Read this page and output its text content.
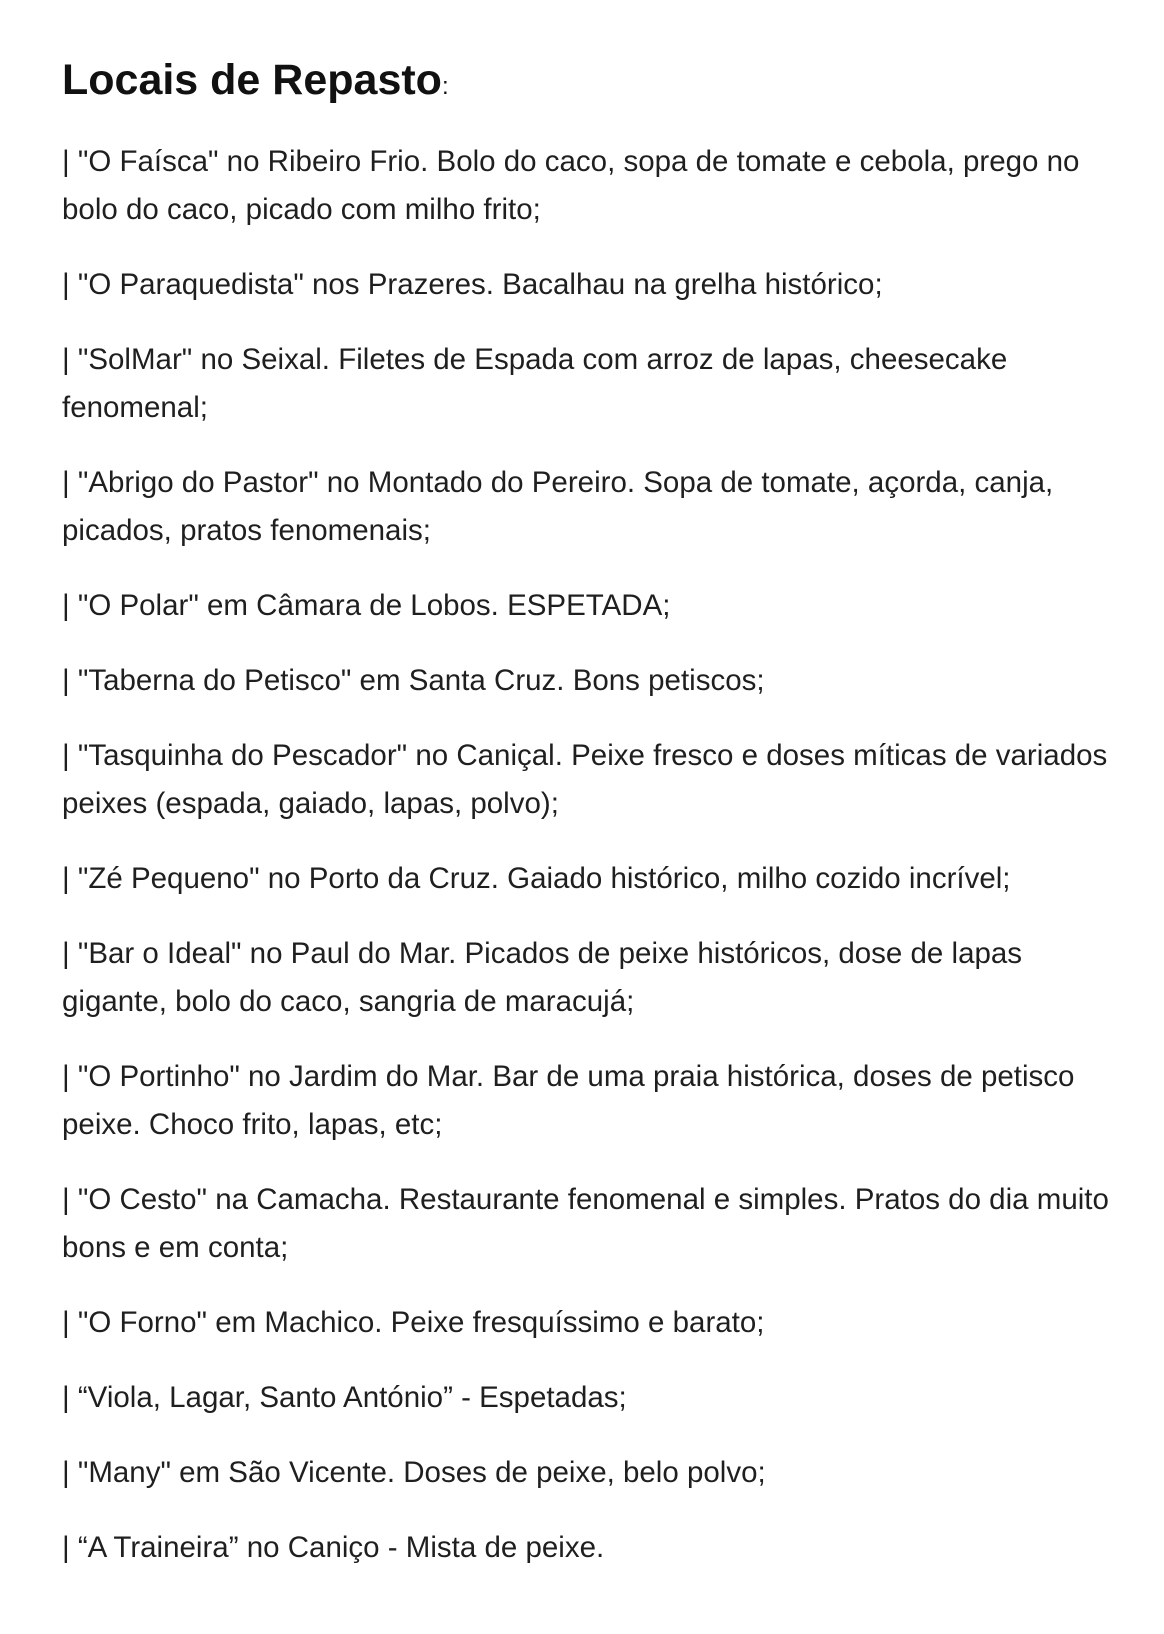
Locais de Repasto:
| "O Faísca" no Ribeiro Frio. Bolo do caco, sopa de tomate e cebola, prego no bolo do caco, picado com milho frito;
| "O Paraquedista" nos Prazeres. Bacalhau na grelha histórico;
| "SolMar" no Seixal. Filetes de Espada com arroz de lapas, cheesecake fenomenal;
| "Abrigo do Pastor" no Montado do Pereiro. Sopa de tomate, açorda, canja, picados, pratos fenomenais;
| "O Polar" em Câmara de Lobos. ESPETADA;
| "Taberna do Petisco" em Santa Cruz. Bons petiscos;
| "Tasquinha do Pescador" no Caniçal. Peixe fresco e doses míticas de variados peixes (espada, gaiado, lapas, polvo);
| "Zé Pequeno" no Porto da Cruz. Gaiado histórico, milho cozido incrível;
| "Bar o Ideal" no Paul do Mar. Picados de peixe históricos, dose de lapas gigante, bolo do caco, sangria de maracujá;
| "O Portinho" no Jardim do Mar. Bar de uma praia histórica, doses de petisco peixe. Choco frito, lapas, etc;
| "O Cesto" na Camacha. Restaurante fenomenal e simples. Pratos do dia muito bons e em conta;
| "O Forno" em Machico. Peixe fresquíssimo e barato;
| “Viola, Lagar, Santo António” - Espetadas;
| "Many" em São Vicente. Doses de peixe, belo polvo;
| “A Traineira” no Caniço - Mista de peixe.
